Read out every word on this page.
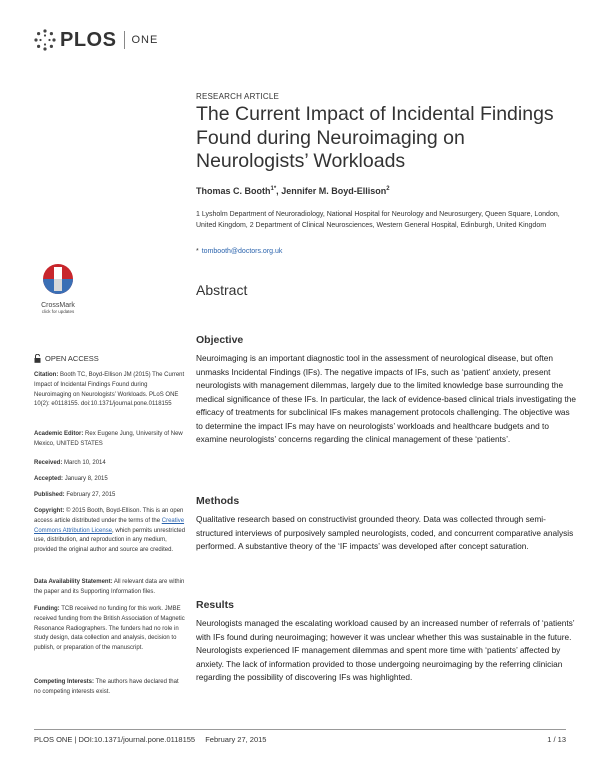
PLOS ONE
RESEARCH ARTICLE
The Current Impact of Incidental Findings Found during Neuroimaging on Neurologists’ Workloads
Thomas C. Booth$^{1*}$, Jennifer M. Boyd-Ellison$^2$
1 Lysholm Department of Neuroradiology, National Hospital for Neurology and Neurosurgery, Queen Square, London, United Kingdom, 2 Department of Clinical Neurosciences, Western General Hospital, Edinburgh, United Kingdom
* tombooth@doctors.org.uk
CrossMark
click for updates
Abstract
Objective
Neuroimaging is an important diagnostic tool in the assessment of neurological disease, but often unmasks Incidental Findings (IFs). The negative impacts of IFs, such as ‘patient’ anxiety, present neurologists with management dilemmas, largely due to the limited knowledge base surrounding the medical significance of these IFs. In particular, the lack of evidence-based clinical trials investigating the efficacy of treatments for subclinical IFs makes management protocols challenging. The objective was to determine the impact IFs may have on neurologists’ workloads and healthcare budgets and to examine neurologists’ concerns regarding the clinical management of these ‘patients’.
Methods
Qualitative research based on constructivist grounded theory. Data was collected through semi-structured interviews of purposively sampled neurologists, coded, and concurrent comparative analysis performed. A substantive theory of the ‘IF impacts’ was developed after concept saturation.
Results
Neurologists managed the escalating workload caused by an increased number of referrals of ‘patients’ with IFs found during neuroimaging; however it was unclear whether this was sustainable in the future. Neurologists experienced IF management dilemmas and spent more time with ‘patients’ affected by anxiety. The lack of information provided to those undergoing neuroimaging by the referring clinician regarding the possibility of discovering IFs was highlighted.
OPEN ACCESS
Citation: Booth TC, Boyd-Ellison JM (2015) The Current Impact of Incidental Findings Found during Neuroimaging on Neurologists’ Workloads. PLoS ONE 10(2): e0118155. doi:10.1371/journal.pone.0118155
Academic Editor: Rex Eugene Jung, University of New Mexico, UNITED STATES
Received: March 10, 2014
Accepted: January 8, 2015
Published: February 27, 2015
Copyright: © 2015 Booth, Boyd-Ellison. This is an open access article distributed under the terms of the Creative Commons Attribution License, which permits unrestricted use, distribution, and reproduction in any medium, provided the original author and source are credited.
Data Availability Statement: All relevant data are within the paper and its Supporting Information files.
Funding: TCB received no funding for this work. JMBE received funding from the British Association of Magnetic Resonance Radiographers. The funders had no role in study design, data collection and analysis, decision to publish, or preparation of the manuscript.
Competing Interests: The authors have declared that no competing interests exist.
PLOS ONE | DOI:10.1371/journal.pone.0118155 February 27, 2015	1 / 13
